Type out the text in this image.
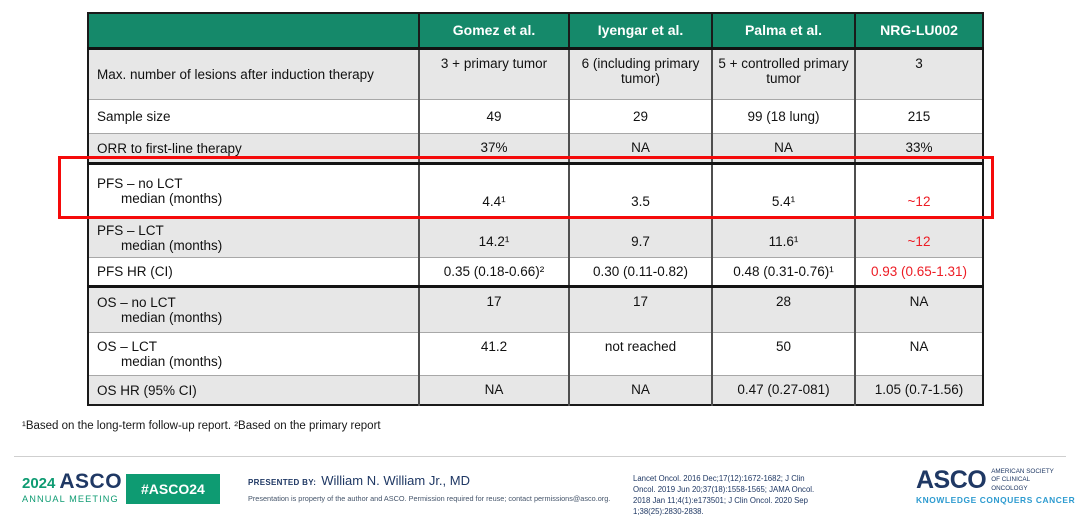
	Gomez et al.	Iyengar et al.	Palma et al.	NRG-LU002

Max. number of lesions after induction therapy	3 + primary tumor	6 (including primary tumor)	5 + controlled primary tumor	3

Sample size	49	29	99 (18 lung)	215

ORR to first-line therapy	37%	NA	NA	33%

PFS – no LCT
median (months)	4.4¹	3.5	5.4¹	~12

PFS – LCT
median (months)	14.2¹	9.7	11.6¹	~12

PFS HR (CI)	0.35 (0.18-0.66)²	0.30 (0.11-0.82)	0.48 (0.31-0.76)¹	0.93 (0.65-1.31)

OS – no LCT
median (months)	17	17	28	NA

OS – LCT
median (months)	41.2	not reached	50	NA

OS HR (95% CI)	NA	NA	0.47 (0.27-081)	1.05 (0.7-1.56)
¹Based on the long-term follow-up report. ²Based on the primary report
2024 ASCO
ANNUAL MEETING
#ASCO24	PRESENTED BY: William N. William Jr., MD
Presentation is property of the author and ASCO. Permission required for reuse; contact permissions@asco.org.
Lancet Oncol. 2016 Dec;17(12):1672-1682; J Clin Oncol. 2019 Jun 20;37(18):1558-1565; JAMA Oncol. 2018 Jan 11;4(1):e173501; J Clin Oncol. 2020 Sep 1;38(25):2830-2838.
ASCO AMERICAN SOCIETY OF CLINICAL ONCOLOGY
KNOWLEDGE CONQUERS CANCER
